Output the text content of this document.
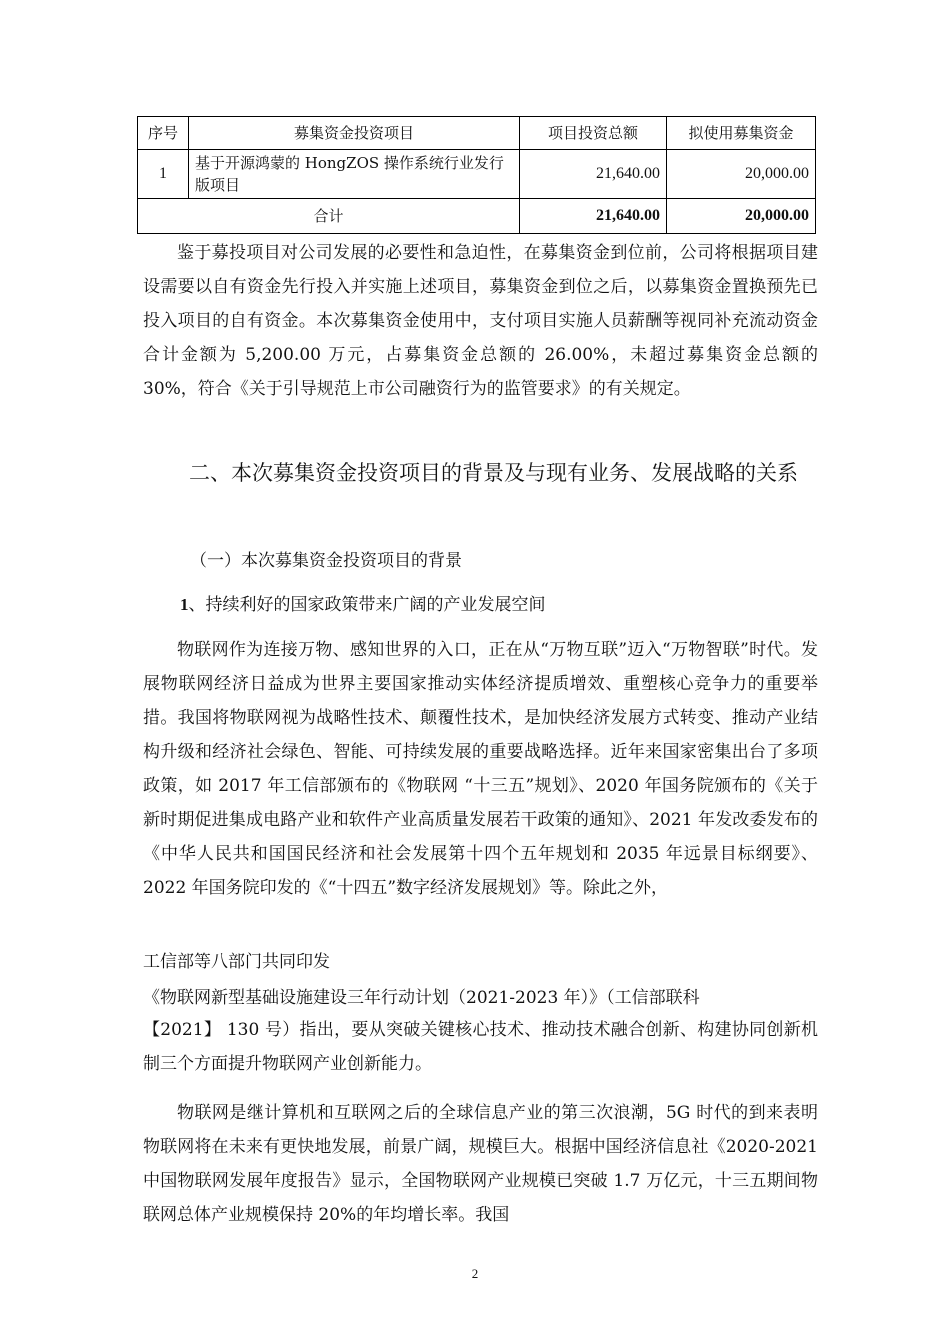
序号	募集资金投资项目	项目投资总额	拟使用募集资金
1	基于开源鸿蒙的 HongZOS 操作系统行业发行版项目	21,640.00	20,000.00
合计		21,640.00	20,000.00

鉴于募投项目对公司发展的必要性和急迫性，在募集资金到位前，公司将根据项目建设需要以自有资金先行投入并实施上述项目，募集资金到位之后，以募集资金置换预先已投入项目的自有资金。本次募集资金使用中，支付项目实施人员薪酬等视同补充流动资金合计金额为 5,200.00 万元，占募集资金总额的 26.00%，未超过募集资金总额的 30%，符合《关于引导规范上市公司融资行为的监管要求》的有关规定。

二、本次募集资金投资项目的背景及与现有业务、发展战略的关系

（一）本次募集资金投资项目的背景

1、持续利好的国家政策带来广阔的产业发展空间

物联网作为连接万物、感知世界的入口，正在从“万物互联”迈入“万物智联”时代。发展物联网经济日益成为世界主要国家推动实体经济提质增效、重塑核心竞争力的重要举措。我国将物联网视为战略性技术、颠覆性技术，是加快经济发展方式转变、推动产业结构升级和经济社会绿色、智能、可持续发展的重要战略选择。近年来国家密集出台了多项政策，如 2017 年工信部颁布的《物联网 “十三五”规划》、2020 年国务院颁布的《关于新时期促进集成电路产业和软件产业高质量发展若干政策的通知》、2021 年发改委发布的《中华人民共和国国民经济和社会发展第十四个五年规划和 2035 年远景目标纲要》、2022 年国务院印发的《“十四五”数字经济发展规划》等。除此之外，

工信部等八部门共同印发

《物联网新型基础设施建设三年行动计划（2021-2023 年）》（工信部联科

【2021】 130 号）指出，要从突破关键核心技术、推动技术融合创新、构建协同创新机制三个方面提升物联网产业创新能力。

物联网是继计算机和互联网之后的全球信息产业的第三次浪潮，5G 时代的到来表明物联网将在未来有更快地发展，前景广阔，规模巨大。根据中国经济信息社《2020-2021 中国物联网发展年度报告》显示，全国物联网产业规模已突破 1.7 万亿元，十三五期间物联网总体产业规模保持 20%的年均增长率。我国

2
